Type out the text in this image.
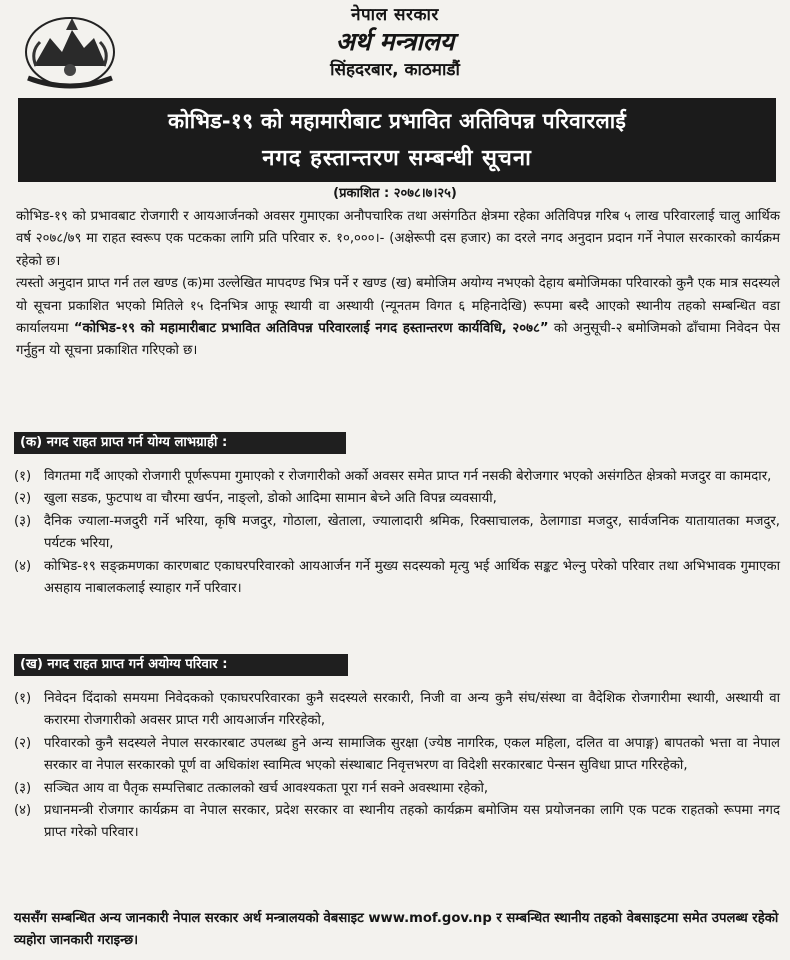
नेपाल सरकार
अर्थ मन्त्रालय
सिंहदरबार, काठमाडौं
कोभिड-१९ को महामारीबाट प्रभावित अतिविपन्न परिवारलाई
नगद हस्तान्तरण सम्बन्धी सूचना
(प्रकाशित : २०७८।७।२५)

कोभिड-१९ को प्रभावबाट रोजगारी र आयआर्जनको अवसर गुमाएका अनौपचारिक तथा असंगठित क्षेत्रमा रहेका अतिविपन्न गरिब ५ लाख परिवारलाई चालु आर्थिक वर्ष २०७८/७९ मा राहत स्वरूप एक पटकका लागि प्रति परिवार रु. १०,०००।- (अक्षेरूपी दस हजार) का दरले नगद अनुदान प्रदान गर्ने नेपाल सरकारको कार्यक्रम रहेको छ।

त्यस्तो अनुदान प्राप्त गर्न तल खण्ड (क)मा उल्लेखित मापदण्ड भित्र पर्ने र खण्ड (ख) बमोजिम अयोग्य नभएको देहाय बमोजिमका परिवारको कुनै एक मात्र सदस्यले यो सूचना प्रकाशित भएको मितिले १५ दिनभित्र आफू स्थायी वा अस्थायी (न्यूनतम विगत ६ महिनादेखि) रूपमा बस्दै आएको स्थानीय तहको सम्बन्धित वडा कार्यालयमा “कोभिड-१९ को महामारीबाट प्रभावित अतिविपन्न परिवारलाई नगद हस्तान्तरण कार्यविधि, २०७८” को अनुसूची-२ बमोजिमको ढाँचामा निवेदन पेस गर्नुहुन यो सूचना प्रकाशित गरिएको छ।

(क) नगद राहत प्राप्त गर्न योग्य लाभग्राही :
(१) विगतमा गर्दै आएको रोजगारी पूर्णरूपमा गुमाएको र रोजगारीको अर्को अवसर समेत प्राप्त गर्न नसकी बेरोजगार भएको असंगठित क्षेत्रको मजदुर वा कामदार,
(२) खुला सडक, फुटपाथ वा चौरमा खर्पन, नाङ्लो, डोको आदिमा सामान बेच्ने अति विपन्न व्यवसायी,
(३) दैनिक ज्याला-मजदुरी गर्ने भरिया, कृषि मजदुर, गोठाला, खेताला, ज्यालादारी श्रमिक, रिक्साचालक, ठेलागाडा मजदुर, सार्वजनिक यातायातका मजदुर, पर्यटक भरिया,
(४) कोभिड-१९ सङ्क्रमणका कारणबाट एकाघरपरिवारको आयआर्जन गर्ने मुख्य सदस्यको मृत्यु भई आर्थिक सङ्कट भेल्नु परेको परिवार तथा अभिभावक गुमाएका असहाय नाबालकलाई स्याहार गर्ने परिवार।
(ख) नगद राहत प्राप्त गर्न अयोग्य परिवार :
(१) निवेदन दिंदाको समयमा निवेदकको एकाघरपरिवारका कुनै सदस्यले सरकारी, निजी वा अन्य कुनै संघ/संस्था वा वैदेशिक रोजगारीमा स्थायी, अस्थायी वा करारमा रोजगारीको अवसर प्राप्त गरी आयआर्जन गरिरहेको,
(२) परिवारको कुनै सदस्यले नेपाल सरकारबाट उपलब्ध हुने अन्य सामाजिक सुरक्षा (ज्येष्ठ नागरिक, एकल महिला, दलित वा अपाङ्ग) बापतको भत्ता वा नेपाल सरकार वा नेपाल सरकारको पूर्ण वा अधिकांश स्वामित्व भएको संस्थाबाट निवृत्तभरण वा विदेशी सरकारबाट पेन्सन सुविधा प्राप्त गरिरहेको,
(३) सञ्चित आय वा पैतृक सम्पत्तिबाट तत्कालको खर्च आवश्यकता पूरा गर्न सक्ने अवस्थामा रहेको,
(४) प्रधानमन्त्री रोजगार कार्यक्रम वा नेपाल सरकार, प्रदेश सरकार वा स्थानीय तहको कार्यक्रम बमोजिम यस प्रयोजनका लागि एक पटक राहतको रूपमा नगद प्राप्त गरेको परिवार।
यससँग सम्बन्धित अन्य जानकारी नेपाल सरकार अर्थ मन्त्रालयको वेबसाइट www.mof.gov.np र सम्बन्धित स्थानीय तहको वेबसाइटमा समेत उपलब्ध रहेको व्यहोरा जानकारी गराइन्छ।
